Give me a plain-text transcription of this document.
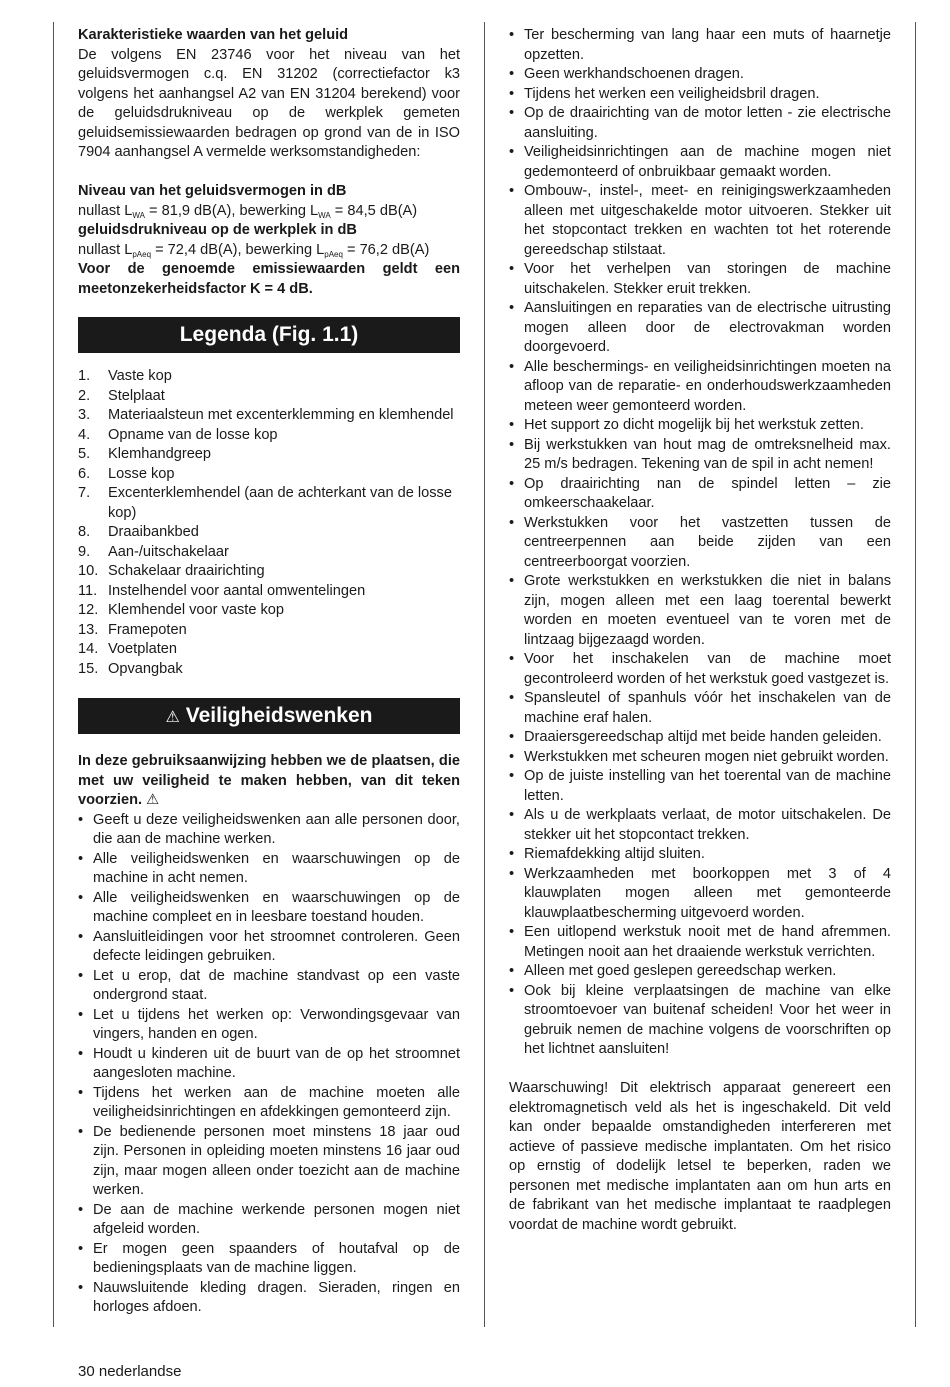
Karakteristieke waarden van het geluid

De volgens EN 23746 voor het niveau van het geluidsvermogen c.q. EN 31202 (correctiefactor k3 volgens het aanhangsel A2 van EN 31204 berekend) voor de geluidsdrukniveau op de werkplek gemeten geluidsemissiewaarden bedragen op grond van de in ISO 7904 aanhangsel A vermelde werksomstandigheden:

Niveau van het geluidsvermogen in dB

nullast $L_{WA} = 81,9$ dB(A), bewerking $L_{WA} = 84,5$ dB(A)

geluidsdrukniveau op de werkplek in dB

nullast $L_{pAeq} = 72,4$ dB(A), bewerking $L_{pAeq} = 76,2$ dB(A)

Voor de genoemde emissiewaarden geldt een meetonzekerheidsfactor K = 4 dB.

Legenda (Fig. 1.1)
1.	Vaste kop
2.	Stelplaat
3.	Materiaalsteun met excenterklemming en klemhendel
4.	Opname van de losse kop
5.	Klemhandgreep
6.	Losse kop
7.	Excenterklemhendel (aan de achterkant van de losse kop)
8.	Draaibankbed
9.	Aan-/uitschakelaar
10. Schakelaar draairichting
11. Instelhendel voor aantal omwentelingen
12. Klemhendel voor vaste kop
13. Framepoten
14. Voetplaten
15. Opvangbak
⚠ Veiligheidswenken

In deze gebruiksaanwijzing hebben we de plaatsen, die met uw veiligheid te maken hebben, van dit teken voorzien. ⚠

• Geeft u deze veiligheidswenken aan alle personen door, die aan de machine werken.
• Alle veiligheidswenken en waarschuwingen op de machine in acht nemen.
• Alle veiligheidswenken en waarschuwingen op de machine compleet en in leesbare toestand houden.
• Aansluitleidingen voor het stroomnet controleren. Geen defecte leidingen gebruiken.
• Let u erop, dat de machine standvast op een vaste ondergrond staat.
• Let u tijdens het werken op: Verwondingsgevaar van vingers, handen en ogen.
• Houdt u kinderen uit de buurt van de op het stroomnet aangesloten machine.
• Tijdens het werken aan de machine moeten alle veiligheidsinrichtingen en afdekkingen gemonteerd zijn.
• De bedienende personen moet minstens 18 jaar oud zijn. Personen in opleiding moeten minstens 16 jaar oud zijn, maar mogen alleen onder toezicht aan de machine werken.
• De aan de machine werkende personen mogen niet afgeleid worden.
• Er mogen geen spaanders of houtafval op de bedieningsplaats van de machine liggen.
• Nauwsluitende kleding dragen. Sieraden, ringen en horloges afdoen.
• Ter bescherming van lang haar een muts of haarnetje opzetten.
• Geen werkhandschoenen dragen.
• Tijdens het werken een veiligheidsbril dragen.
• Op de draairichting van de motor letten - zie electrische aansluiting.
• Veiligheidsinrichtingen aan de machine mogen niet gedemonteerd of onbruikbaar gemaakt worden.
• Ombouw-, instel-, meet- en reinigingswerkzaamheden alleen met uitgeschakelde motor uitvoeren. Stekker uit het stopcontact trekken en wachten tot het roterende gereedschap stilstaat.
• Voor het verhelpen van storingen de machine uitschakelen. Stekker eruit trekken.
• Aansluitingen en reparaties van de electrische uitrusting mogen alleen door de electrovakman worden doorgevoerd.
• Alle beschermings- en veiligheidsinrichtingen moeten na afloop van de reparatie- en onderhoudswerkzaamheden meteen weer gemonteerd worden.
• Het support zo dicht mogelijk bij het werkstuk zetten.
• Bij werkstukken van hout mag de omtreksnelheid max. 25 m/s bedragen. Tekening van de spil in acht nemen!
• Op draairichting nan de spindel letten – zie omkeerschaakelaar.
• Werkstukken voor het vastzetten tussen de centreerpennen aan beide zijden van een centreerboorgat voorzien.
• Grote werkstukken en werkstukken die niet in balans zijn, mogen alleen met een laag toerental bewerkt worden en moeten eventueel van te voren met de lintzaag bijgezaagd worden.
• Voor het inschakelen van de machine moet gecontroleerd worden of het werkstuk goed vastgezet is.
• Spansleutel of spanhuls vóór het inschakelen van de machine eraf halen.
• Draaiersgereedschap altijd met beide handen geleiden.
• Werkstukken met scheuren mogen niet gebruikt worden.
• Op de juiste instelling van het toerental van de machine letten.
• Als u de werkplaats verlaat, de motor uitschakelen. De stekker uit het stopcontact trekken.
• Riemafdekking altijd sluiten.
• Werkzaamheden met boorkoppen met 3 of 4 klauwplaten mogen alleen met gemonteerde klauwplaatbescherming uitgevoerd worden.
• Een uitlopend werkstuk nooit met de hand afremmen. Metingen nooit aan het draaiende werkstuk verrichten.
• Alleen met goed geslepen gereedschap werken.
• Ook bij kleine verplaatsingen de machine van elke stroomtoevoer van buitenaf scheiden! Voor het weer in gebruik nemen de machine volgens de voorschriften op het lichtnet aansluiten!

Waarschuwing! Dit elektrisch apparaat genereert een elektromagnetisch veld als het is ingeschakeld. Dit veld kan onder bepaalde omstandigheden interfereren met actieve of passieve medische implantaten. Om het risico op ernstig of dodelijk letsel te beperken, raden we personen met medische implantaten aan om hun arts en de fabrikant van het medische implantaat te raadplegen voordat de machine wordt gebruikt.

30 nederlandse
